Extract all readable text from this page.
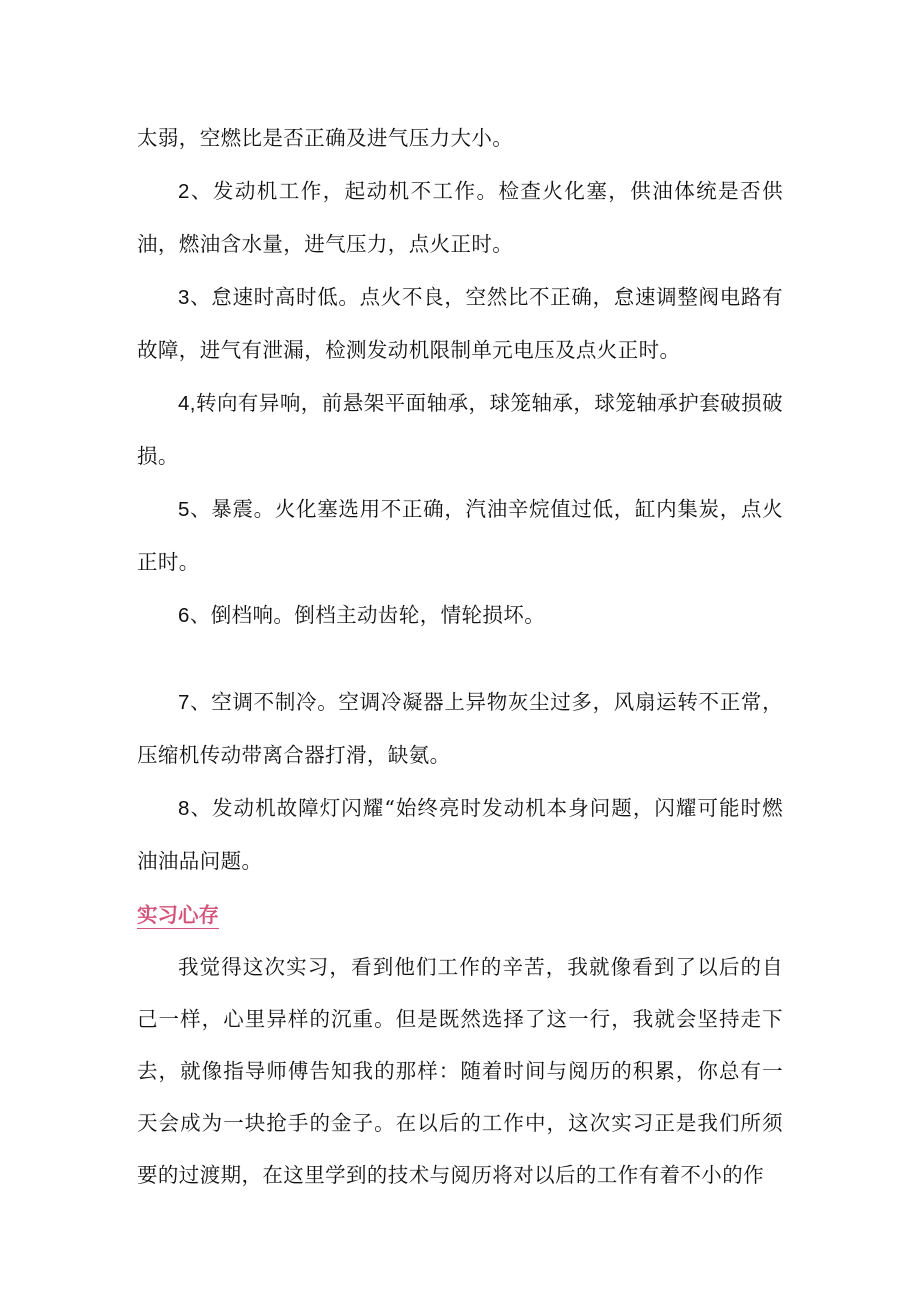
太弱，空燃比是否正确及进气压力大小。

2、发动机工作，起动机不工作。检查火化塞，供油体统是否供油，燃油含水量，进气压力，点火正时。

3、怠速时高时低。点火不良，空然比不正确，怠速调整阀电路有故障，进气有泄漏，检测发动机限制单元电压及点火正时。

4,转向有异响，前悬架平面轴承，球笼轴承，球笼轴承护套破损破损。

5、暴震。火化塞选用不正确，汽油辛烷值过低，缸内集炭，点火正时。

6、倒档响。倒档主动齿轮，情轮损坏。

7、空调不制冷。空调冷凝器上异物灰尘过多，风扇运转不正常，压缩机传动带离合器打滑，缺氨。

8、发动机故障灯闪耀“始终亮时发动机本身问题，闪耀可能时燃油油品问题。

实习心存

我觉得这次实习，看到他们工作的辛苦，我就像看到了以后的自己一样，心里异样的沉重。但是既然选择了这一行，我就会坚持走下去，就像指导师傅告知我的那样：随着时间与阅历的积累，你总有一天会成为一块抢手的金子。在以后的工作中，这次实习正是我们所须要的过渡期，在这里学到的技术与阅历将对以后的工作有着不小的作
